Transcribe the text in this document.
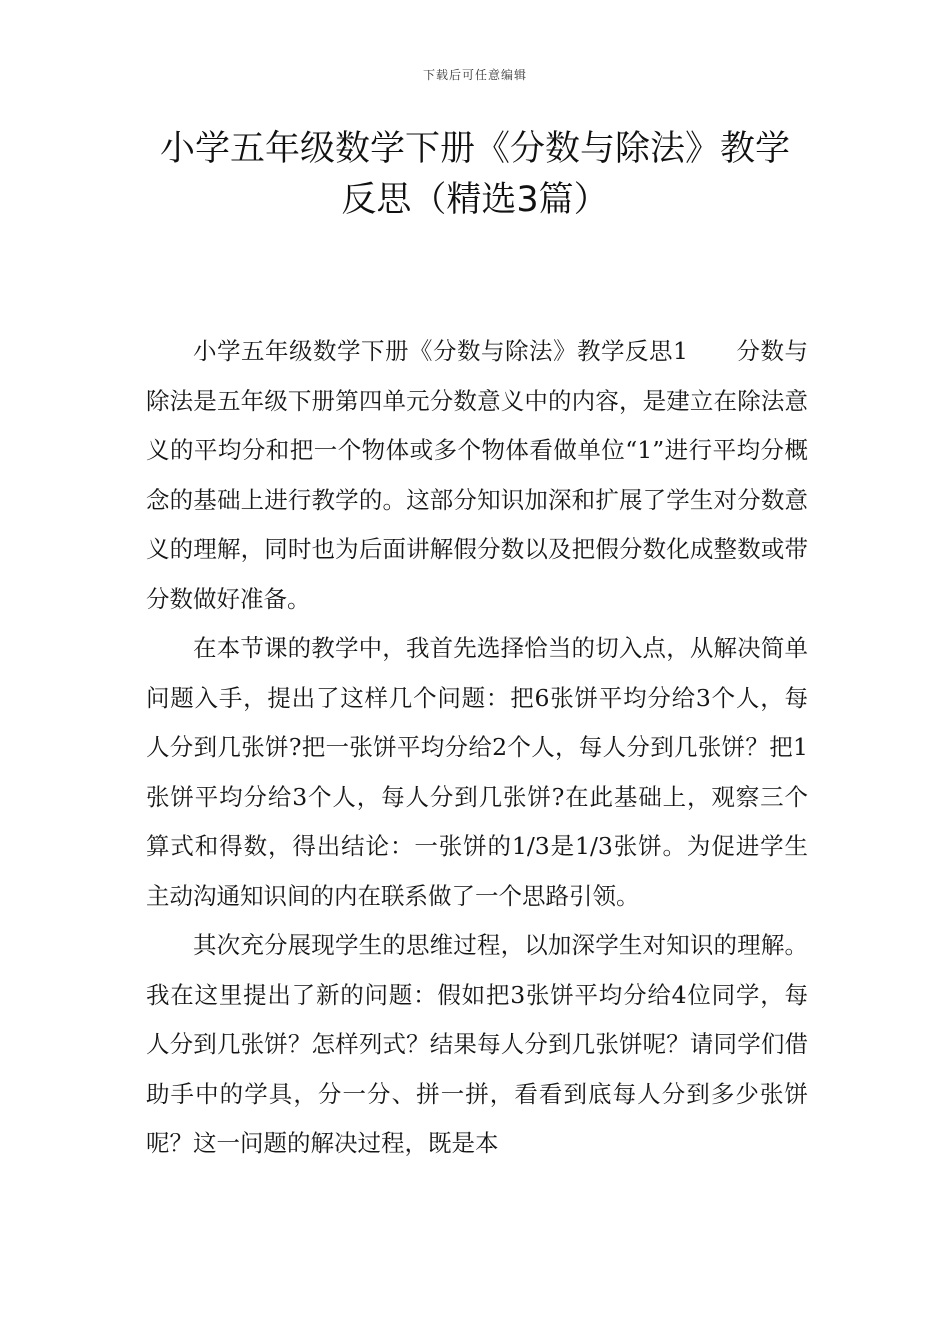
下载后可任意编辑
小学五年级数学下册《分数与除法》教学反思（精选3篇）

小学五年级数学下册《分数与除法》教学反思1　　分数与除法是五年级下册第四单元分数意义中的内容，是建立在除法意义的平均分和把一个物体或多个物体看做单位“1”进行平均分概念的基础上进行教学的。这部分知识加深和扩展了学生对分数意义的理解，同时也为后面讲解假分数以及把假分数化成整数或带分数做好准备。

在本节课的教学中，我首先选择恰当的切入点，从解决简单问题入手，提出了这样几个问题：把6张饼平均分给3个人，每人分到几张饼?把一张饼平均分给2个人，每人分到几张饼？把1张饼平均分给3个人，每人分到几张饼?在此基础上，观察三个算式和得数，得出结论：一张饼的1/3是1/3张饼。为促进学生主动沟通知识间的内在联系做了一个思路引领。

其次充分展现学生的思维过程，以加深学生对知识的理解。我在这里提出了新的问题：假如把3张饼平均分给4位同学，每人分到几张饼？怎样列式？结果每人分到几张饼呢？请同学们借助手中的学具，分一分、拼一拼，看看到底每人分到多少张饼呢？这一问题的解决过程，既是本
